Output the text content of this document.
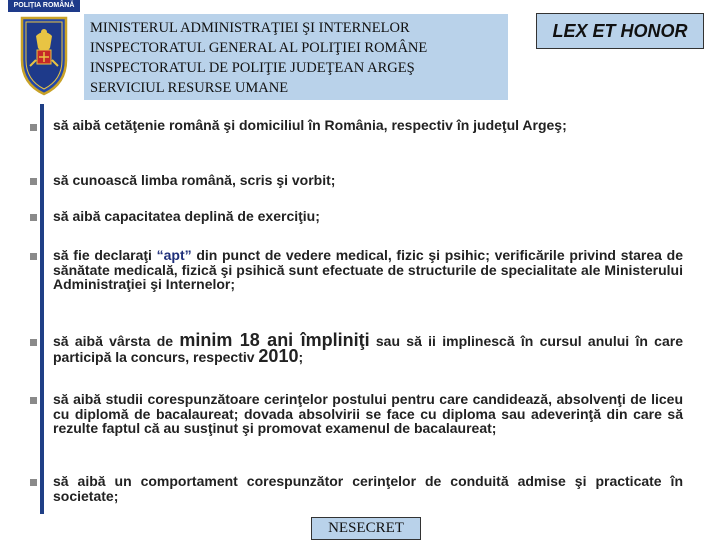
POLIȚIA ROMÂNĂ
MINISTERUL ADMINISTRAŢIEI ŞI INTERNELOR
INSPECTORATUL GENERAL AL POLIŢIEI ROMÂNE
INSPECTORATUL DE POLIŢIE JUDEŢEAN ARGEŞ
SERVICIUL RESURSE UMANE
LEX ET HONOR
să aibă cetăţenie română şi domiciliul în România, respectiv în judeţul Argeş;
să cunoască limba română, scris şi vorbit;
să aibă capacitatea deplină de exerciţiu;
să fie declaraţi “apt” din punct de vedere medical, fizic şi psihic; verificările privind starea de sănătate medicală, fizică şi psihică sunt efectuate de structurile de specialitate ale Ministerului Administraţiei şi Internelor;
să aibă vârsta de minim 18 ani împliniţi sau să ii implinescă în cursul anului în care participă la concurs, respectiv 2010;
să aibă studii corespunzătoare cerinţelor postului pentru care candidează, absolvenţi de liceu cu diplomă de bacalaureat; dovada absolvirii se face cu diploma sau adeverinţă din care să rezulte faptul că au susţinut şi promovat examenul de bacalaureat;
să aibă un comportament corespunzător cerinţelor de conduită admise şi practicate în societate;
NESECRET
